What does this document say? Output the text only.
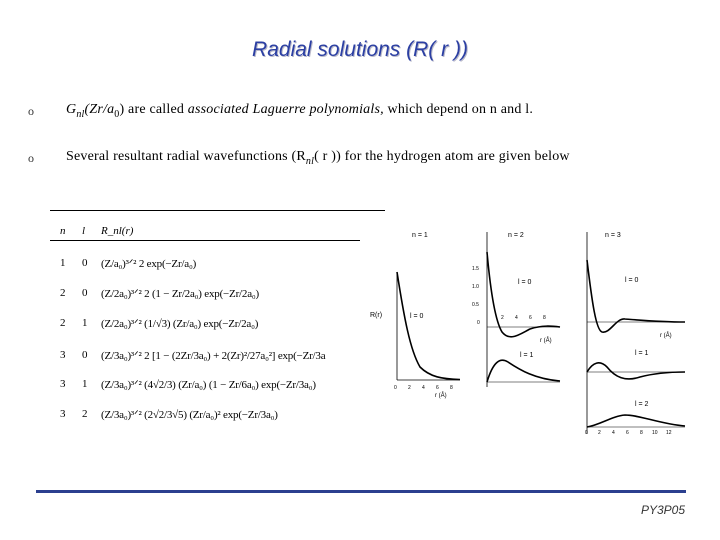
Radial solutions (R( r ))
o $G_{nl}(Zr/a_0)$ are called associated Laguerre polynomials, which depend on n and l.
o Several resultant radial wavefunctions ($R_{nl}$( r )) for the hydrogen atom are given below
n l R_nl(r)
1 0 (Z/a₀)³ᐟ² 2 exp(−Zr/a₀)
2 0 (Z/2a₀)³ᐟ² 2 (1 − Zr/2a₀) exp(−Zr/2a₀)
2 1 (Z/2a₀)³ᐟ² (1/√3) (Zr/a₀) exp(−Zr/2a₀)
3 0 (Z/3a₀)³ᐟ² 2 [1 − (2Zr/3a₀) + 2(Zr)²/27a₀²] exp(−Zr/3a
3 1 (Z/3a₀)³ᐟ² (4√2/3) (Zr/a₀) (1 − Zr/6a₀) exp(−Zr/3a₀)
3 2 (Z/3a₀)³ᐟ² (2√2/3√5) (Zr/a₀)² exp(−Zr/3a₀)
n = 1
R(r)	l = 0
0 2 4 6 8
r (Å)
n = 2
l = 0
1.5
1.0
0.5
0
l = 1
r (Å)
2 4 6 8
n = 3
l = 0
l = 1
l = 2
r (Å)
0 2 4 6 8 10 12
PY3P05
